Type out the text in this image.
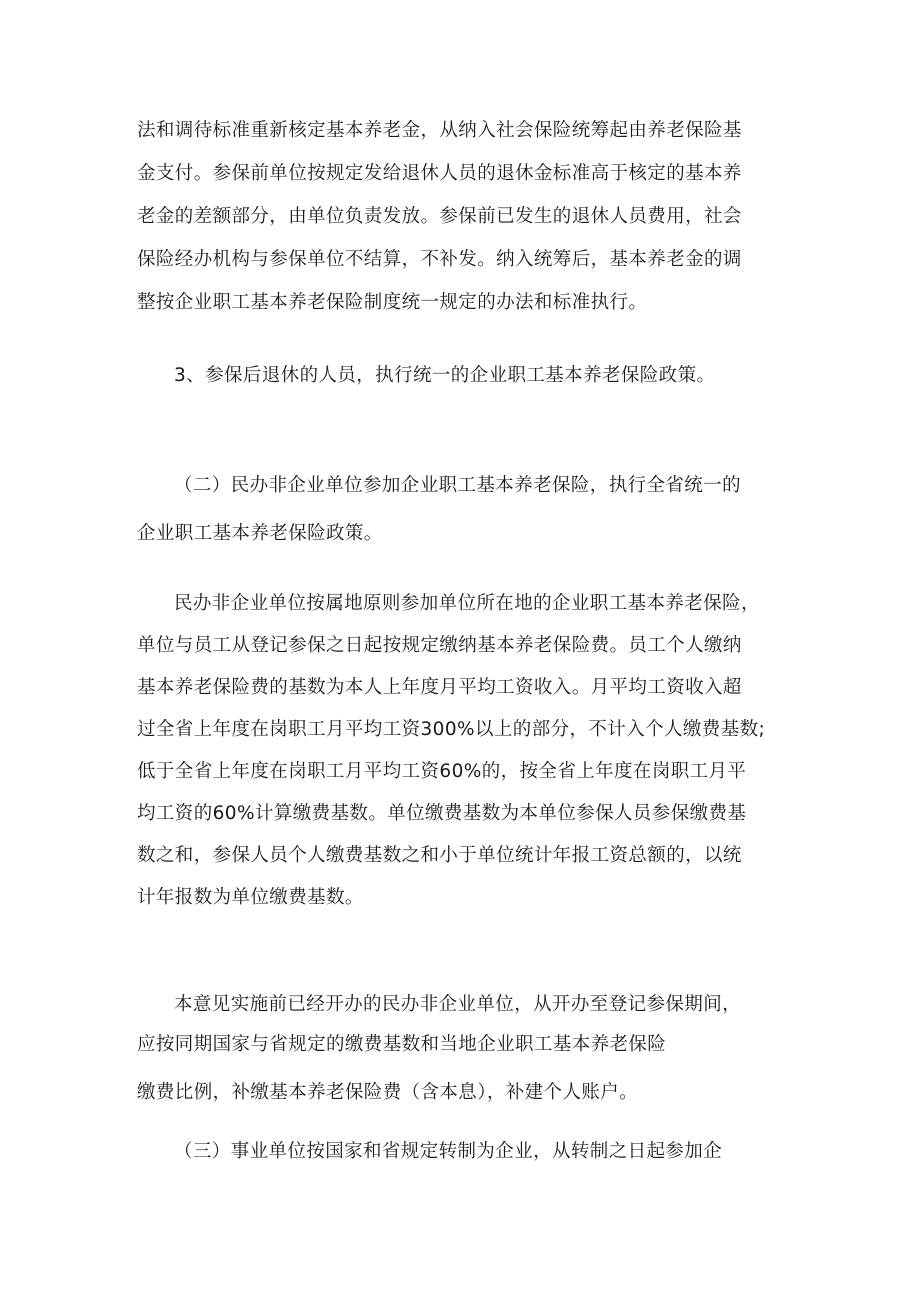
法和调待标准重新核定基本养老金，从纳入社会保险统筹起由养老保险基
金支付。参保前单位按规定发给退休人员的退休金标准高于核定的基本养
老金的差额部分，由单位负责发放。参保前已发生的退休人员费用，社会
保险经办机构与参保单位不结算，不补发。纳入统筹后，基本养老金的调
整按企业职工基本养老保险制度统一规定的办法和标准执行。
3、参保后退休的人员，执行统一的企业职工基本养老保险政策。
（二）民办非企业单位参加企业职工基本养老保险，执行全省统一的
企业职工基本养老保险政策。
民办非企业单位按属地原则参加单位所在地的企业职工基本养老保险，
单位与员工从登记参保之日起按规定缴纳基本养老保险费。员工个人缴纳
基本养老保险费的基数为本人上年度月平均工资收入。月平均工资收入超
过全省上年度在岗职工月平均工资300%以上的部分，不计入个人缴费基数;
低于全省上年度在岗职工月平均工资60%的，按全省上年度在岗职工月平
均工资的60%计算缴费基数。单位缴费基数为本单位参保人员参保缴费基
数之和，参保人员个人缴费基数之和小于单位统计年报工资总额的，以统
计年报数为单位缴费基数。
本意见实施前已经开办的民办非企业单位，从开办至登记参保期间，
应按同期国家与省规定的缴费基数和当地企业职工基本养老保险
缴费比例，补缴基本养老保险费（含本息），补建个人账户。
（三）事业单位按国家和省规定转制为企业，从转制之日起参加企
